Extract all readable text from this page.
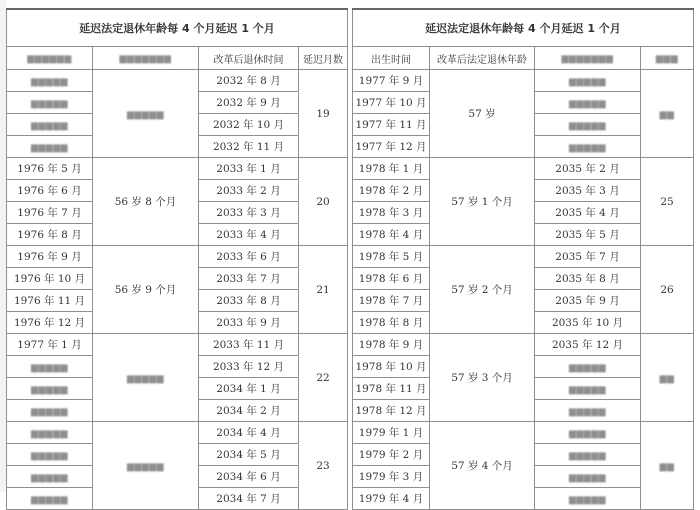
延迟法定退休年龄每 4 个月延迟 1 个月			
▆▆▆▆▆▆	▆▆▆▆▆▆▆	改革后退休时间	延迟月数
▆▆▆▆▆	▆▆▆▆▆	2032 年 8 月	19
▆▆▆▆▆		2032 年 9 月	
▆▆▆▆▆		2032 年 10 月	
▆▆▆▆▆		2032 年 11 月	
1976 年 5 月	56 岁 8 个月	2033 年 1 月	20
1976 年 6 月		2033 年 2 月	
1976 年 7 月		2033 年 3 月	
1976 年 8 月		2033 年 4 月	
1976 年 9 月	56 岁 9 个月	2033 年 6 月	21
1976 年 10 月		2033 年 7 月	
1976 年 11 月		2033 年 8 月	
1976 年 12 月		2033 年 9 月	
1977 年 1 月	▆▆▆▆▆	2033 年 11 月	22
▆▆▆▆▆		2033 年 12 月	
▆▆▆▆▆		2034 年 1 月	
▆▆▆▆▆		2034 年 2 月	
▆▆▆▆▆	▆▆▆▆▆	2034 年 4 月	23
▆▆▆▆▆		2034 年 5 月	
▆▆▆▆▆		2034 年 6 月	
▆▆▆▆▆		2034 年 7 月	
延迟法定退休年龄每 4 个月延迟 1 个月			
出生时间	改革后法定退休年龄	▆▆▆▆▆▆▆	▆▆▆
1977 年 9 月	57 岁	▆▆▆▆▆	▆▆
1977 年 10 月		▆▆▆▆▆	
1977 年 11 月		▆▆▆▆▆	
1977 年 12 月		▆▆▆▆▆	
1978 年 1 月	57 岁 1 个月	2035 年 2 月	25
1978 年 2 月		2035 年 3 月	
1978 年 3 月		2035 年 4 月	
1978 年 4 月		2035 年 5 月	
1978 年 5 月	57 岁 2 个月	2035 年 7 月	26
1978 年 6 月		2035 年 8 月	
1978 年 7 月		2035 年 9 月	
1978 年 8 月		2035 年 10 月	
1978 年 9 月	57 岁 3 个月	2035 年 12 月	▆▆
1978 年 10 月		▆▆▆▆▆	
1978 年 11 月		▆▆▆▆▆	
1978 年 12 月		▆▆▆▆▆	
1979 年 1 月	57 岁 4 个月	▆▆▆▆▆	▆▆
1979 年 2 月		▆▆▆▆▆	
1979 年 3 月		▆▆▆▆▆	
1979 年 4 月		▆▆▆▆▆	
